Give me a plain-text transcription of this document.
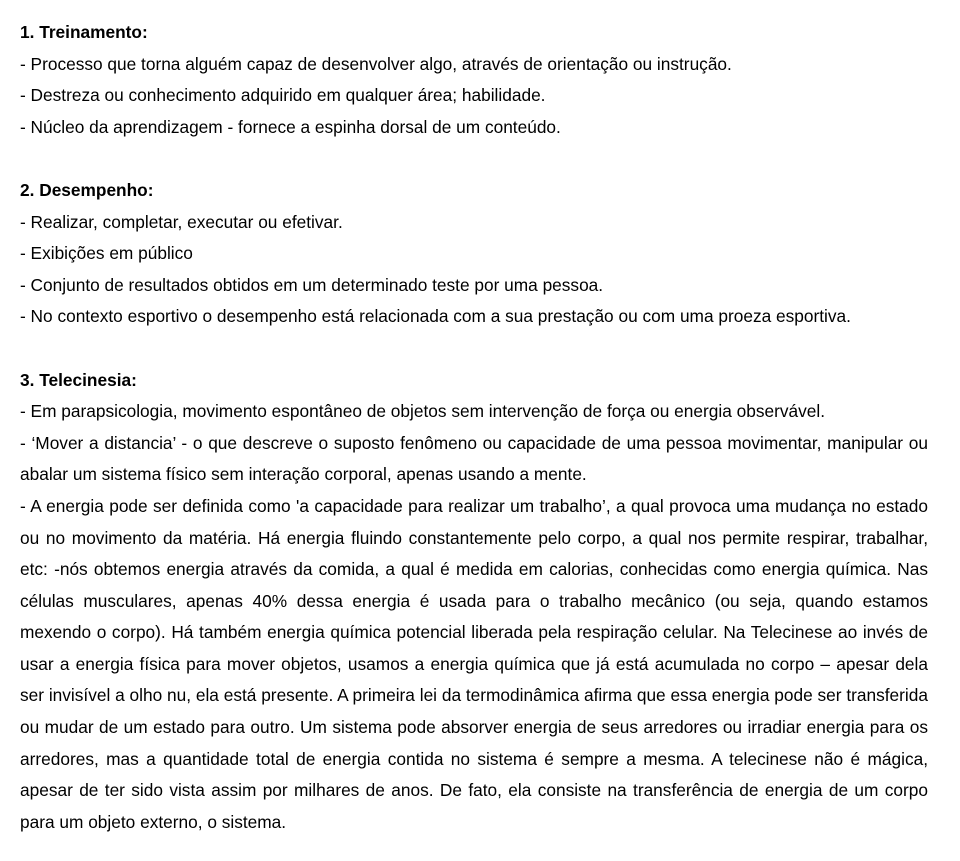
1. Treinamento:
- Processo que torna alguém capaz de desenvolver algo, através de orientação ou instrução.
- Destreza ou conhecimento adquirido em qualquer área; habilidade.
- Núcleo da aprendizagem - fornece a espinha dorsal de um conteúdo.
2. Desempenho:
- Realizar, completar, executar ou efetivar.
- Exibições em público
- Conjunto de resultados obtidos em um determinado teste por uma pessoa.
- No contexto esportivo o desempenho está relacionada com a sua prestação ou com uma proeza esportiva.
3. Telecinesia:
- Em parapsicologia, movimento espontâneo de objetos sem intervenção de força ou energia observável.
- ‘Mover a distancia’ - o que descreve o suposto fenômeno ou capacidade de uma pessoa movimentar, manipular ou abalar um sistema físico sem interação corporal, apenas usando a mente.
- A energia pode ser definida como 'a capacidade para realizar um trabalho’, a qual provoca uma mudança no estado ou no movimento da matéria. Há energia fluindo constantemente pelo corpo, a qual nos permite respirar, trabalhar, etc: -nós obtemos energia através da comida, a qual é medida em calorias, conhecidas como energia química. Nas células musculares, apenas 40% dessa energia é usada para o trabalho mecânico (ou seja, quando estamos mexendo o corpo). Há também energia química potencial liberada pela respiração celular. Na Telecinese ao invés de usar a energia física para mover objetos, usamos a energia química que já está acumulada no corpo – apesar dela ser invisível a olho nu, ela está presente. A primeira lei da termodinâmica afirma que essa energia pode ser transferida ou mudar de um estado para outro. Um sistema pode absorver energia de seus arredores ou irradiar energia para os arredores, mas a quantidade total de energia contida no sistema é sempre a mesma. A telecinese não é mágica, apesar de ter sido vista assim por milhares de anos. De fato, ela consiste na transferência de energia de um corpo para um objeto externo, o sistema.
